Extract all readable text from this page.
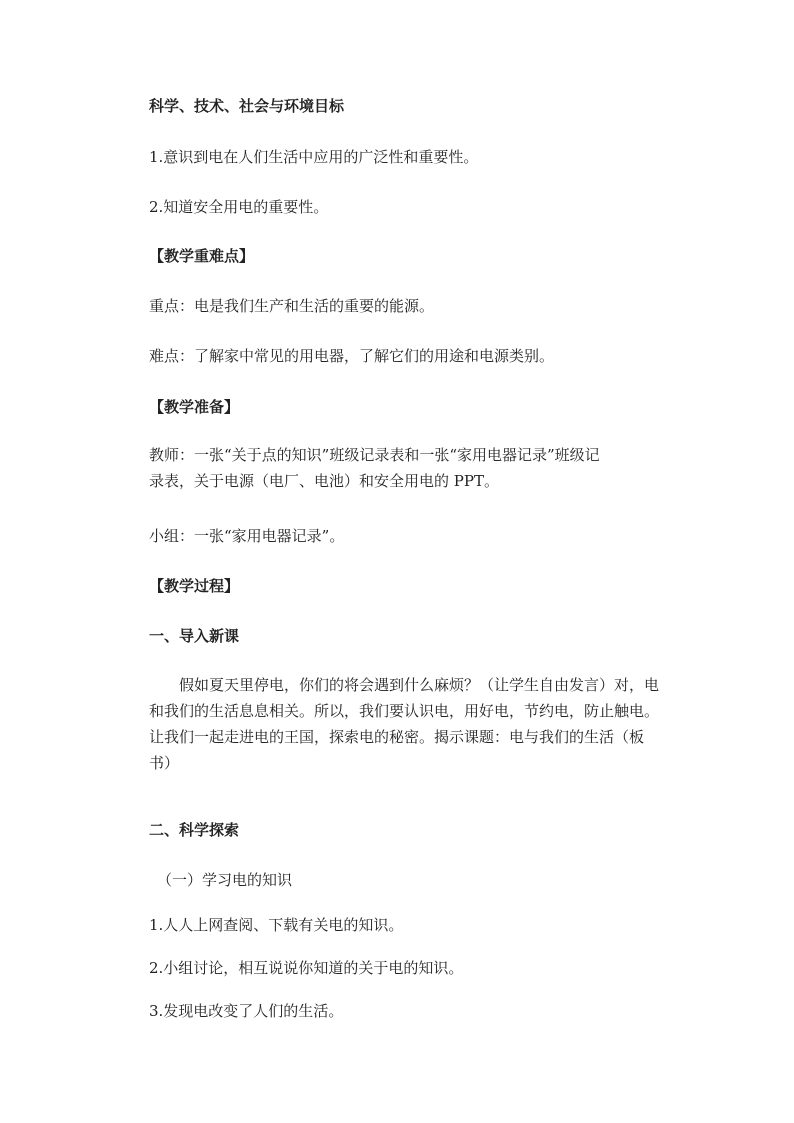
科学、技术、社会与环境目标
1.意识到电在人们生活中应用的广泛性和重要性。
2.知道安全用电的重要性。
【教学重难点】
重点：电是我们生产和生活的重要的能源。
难点：了解家中常见的用电器，了解它们的用途和电源类别。
【教学准备】
教师：一张“关于点的知识”班级记录表和一张“家用电器记录”班级记
录表，关于电源（电厂、电池）和安全用电的 PPT。
小组：一张“家用电器记录”。
【教学过程】
一、导入新课
假如夏天里停电，你们的将会遇到什么麻烦？（让学生自由发言）对，电
和我们的生活息息相关。所以，我们要认识电，用好电，节约电，防止触电。
让我们一起走进电的王国，探索电的秘密。揭示课题：电与我们的生活（板
书）
二、科学探索
（一）学习电的知识
1.人人上网查阅、下载有关电的知识。
2.小组讨论，相互说说你知道的关于电的知识。
3.发现电改变了人们的生活。
